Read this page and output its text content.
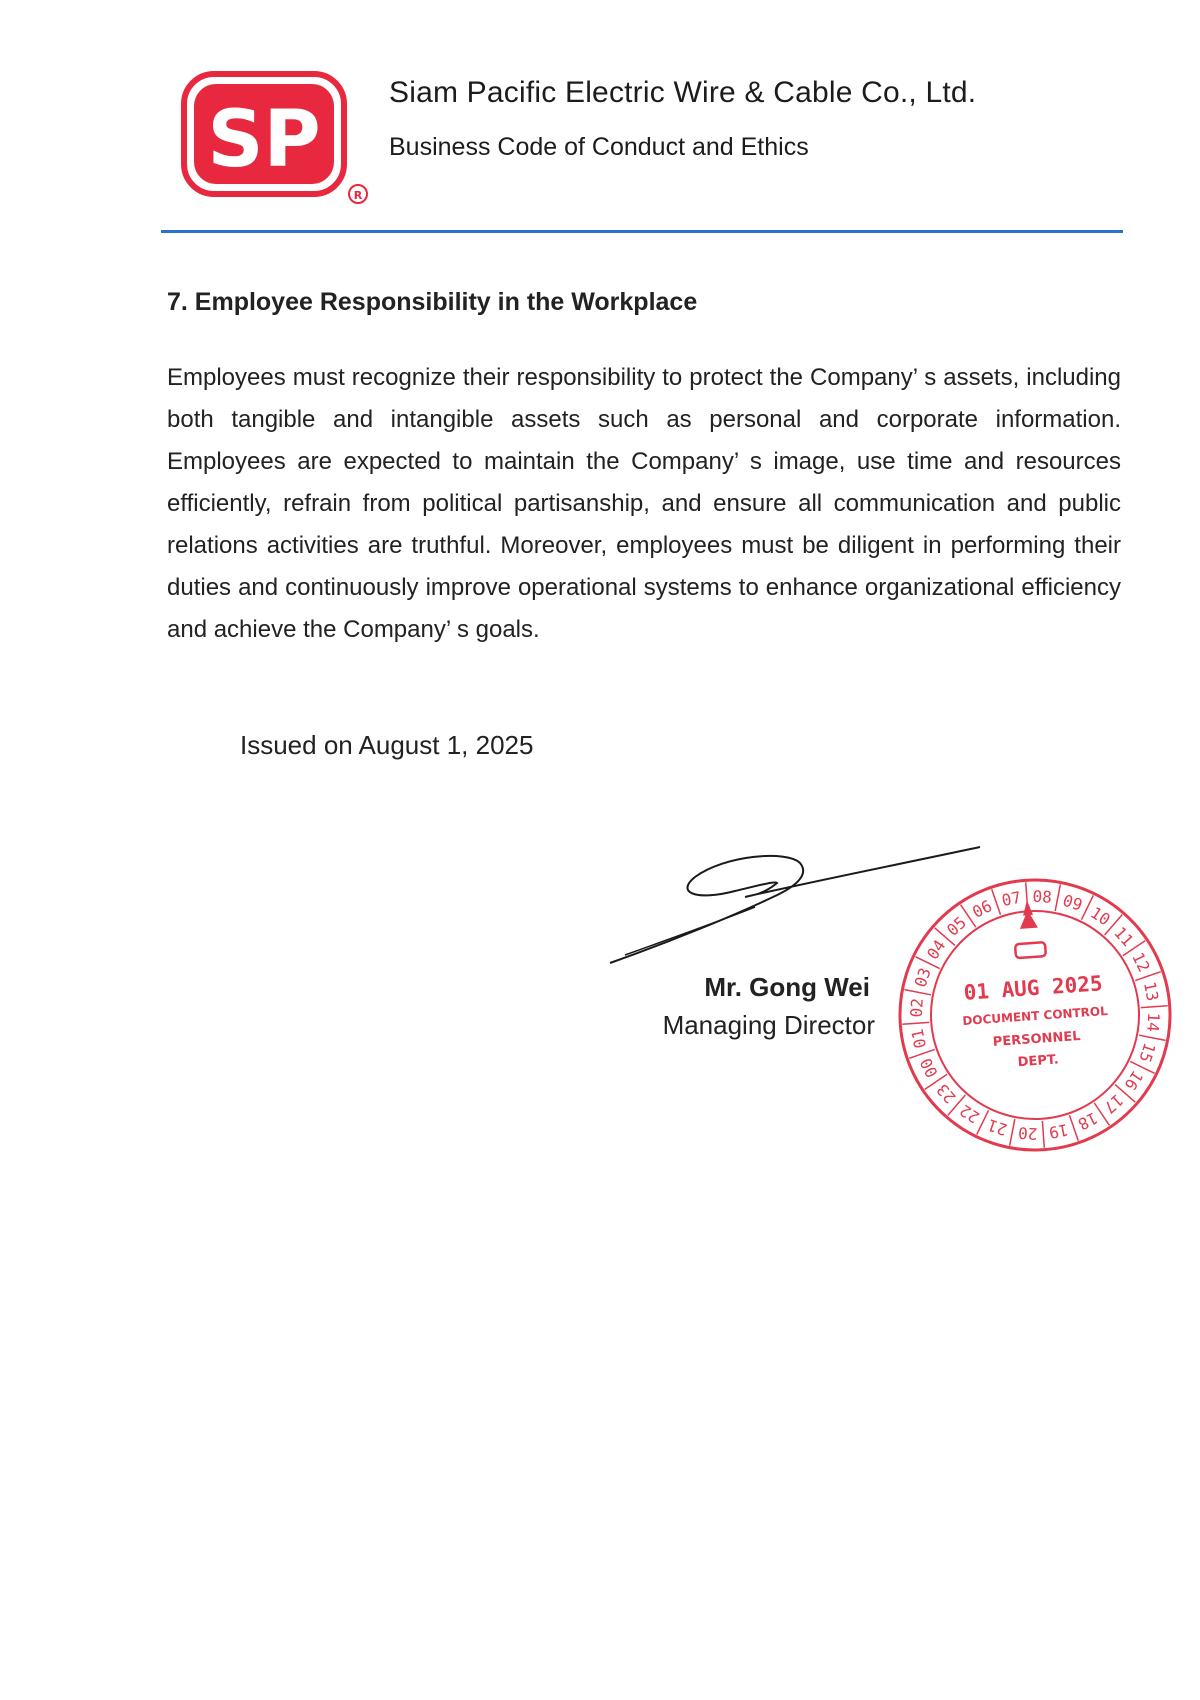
SP
R
Siam Pacific Electric Wire & Cable Co., Ltd.
Business Code of Conduct and Ethics
7. Employee Responsibility in the Workplace
Employees must recognize their responsibility to protect the Company’ s assets, including both tangible and intangible assets such as personal and corporate information. Employees are expected to maintain the Company’ s image, use time and resources efficiently, refrain from political partisanship, and ensure all communication and public relations activities are truthful. Moreover, employees must be diligent in performing their duties and continuously improve operational systems to enhance organizational efficiency and achieve the Company’ s goals.
Issued on August 1, 2025
Mr. Gong Wei
Managing Director 01
02
03
04
05
06 07 08 09
10
11
12
13
14
15
16
17
18
19
20
21
22
23
00
01 AUG 2025
DOCUMENT CONTROL
PERSONNEL
DEPT.
